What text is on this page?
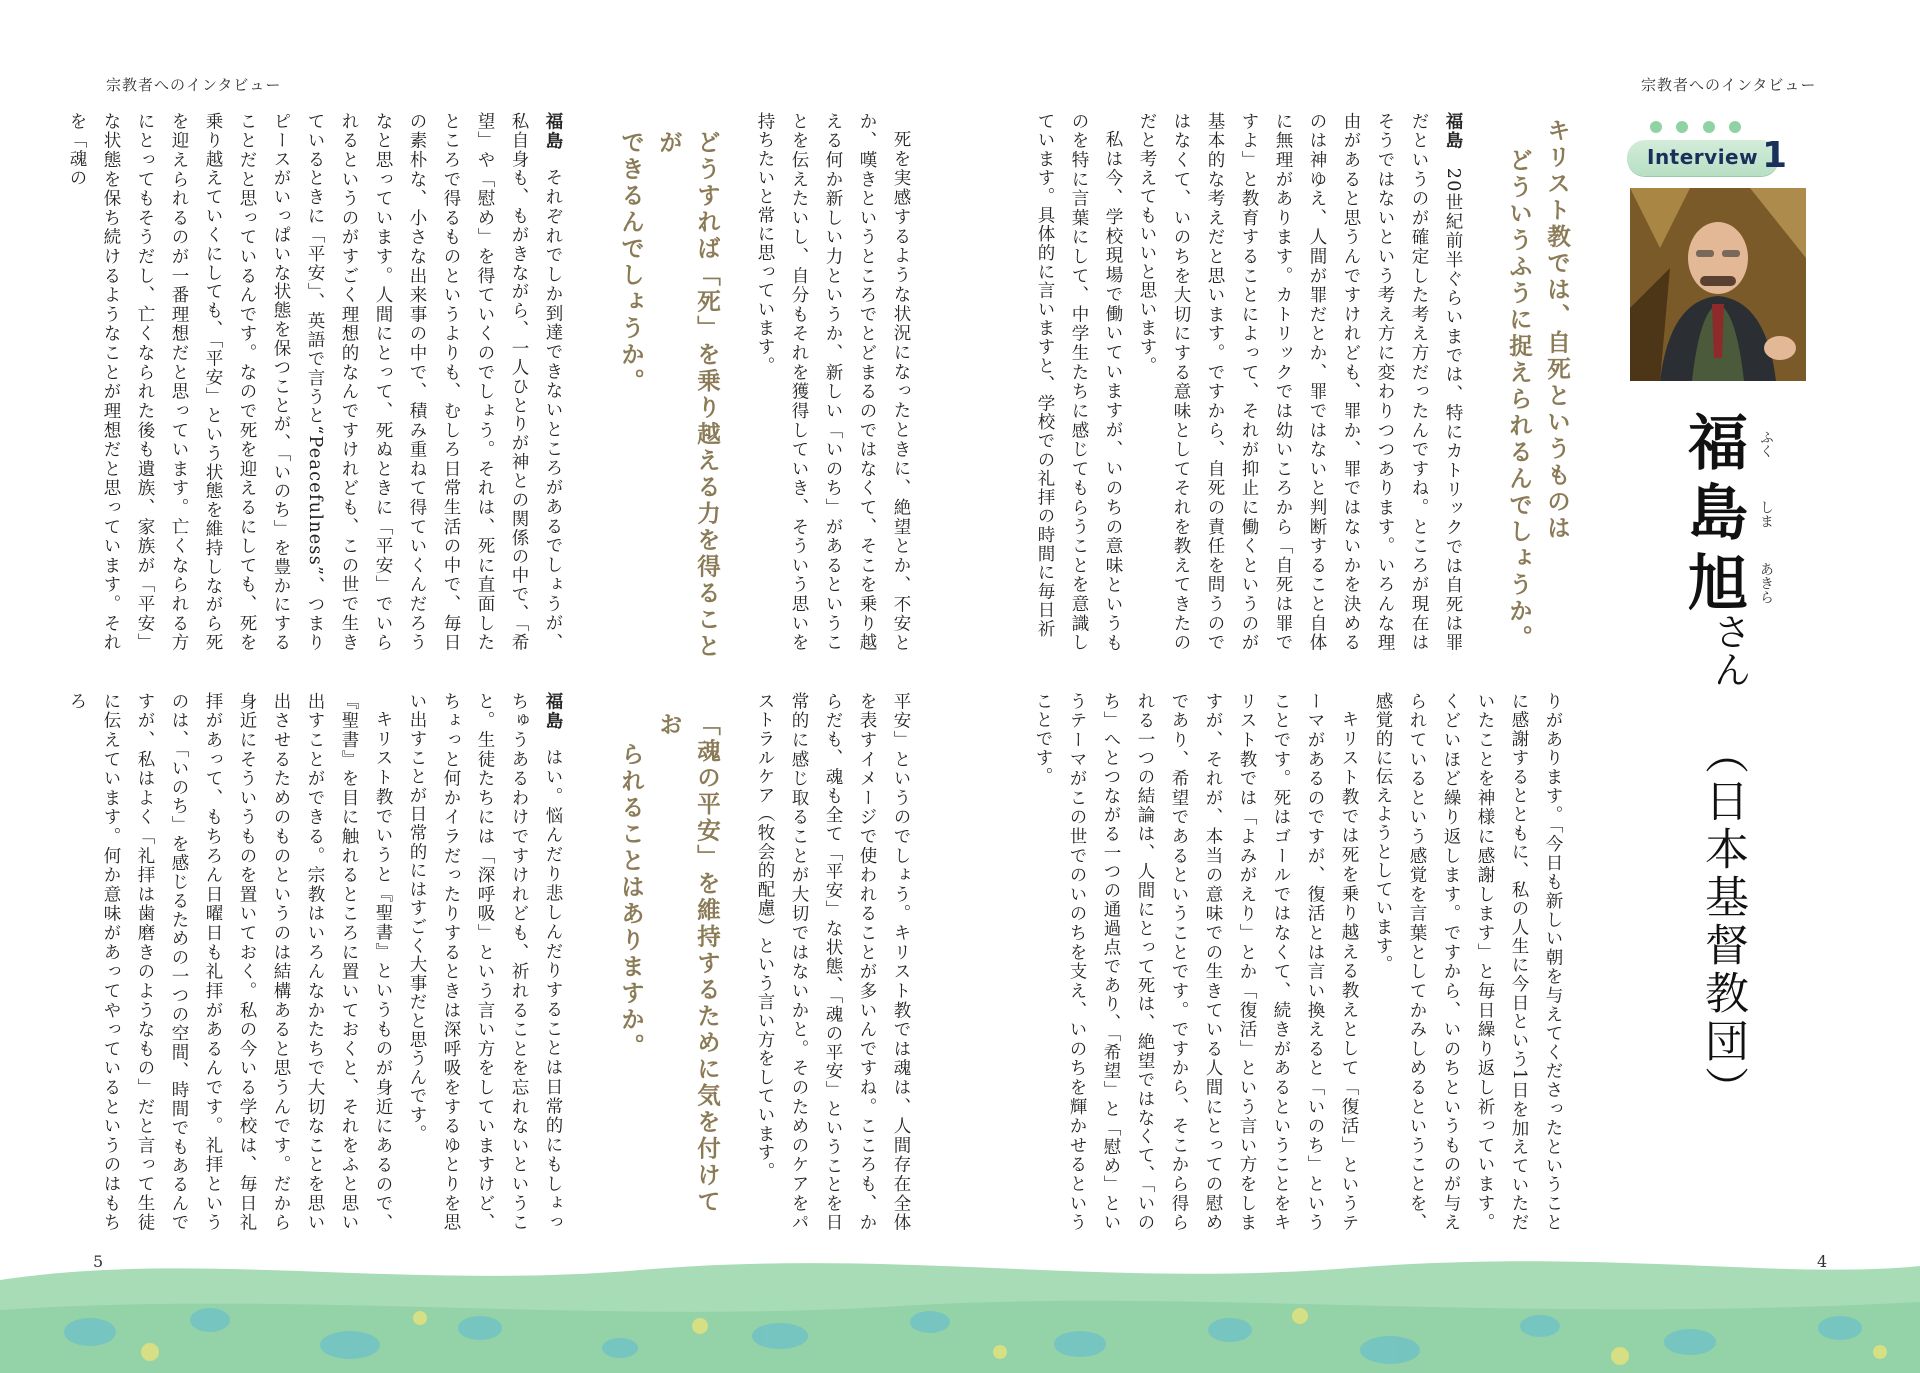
宗教者へのインタビュー	宗教者へのインタビュー
5	4
Interview 1
福
島
旭
ふく
しま
あきら
さん
（日本基督教団）

キリスト教では、自死というものは

どういうふうに捉えられるんでしょうか。

福島20世紀前半ぐらいまでは、特にカトリックでは自死は罪だというのが確定した考え方だったんですね。ところが現在はそうではないという考え方に変わりつつあります。いろんな理由があると思うんですけれども、罪か、罪ではないかを決めるのは神ゆえ、人間が罪だとか、罪ではないと判断すること自体に無理があります。カトリックでは幼いころから「自死は罪ですよ」と教育することによって、それが抑止に働くというのが基本的な考えだと思います。ですから、自死の責任を問うのではなくて、いのちを大切にする意味としてそれを教えてきたのだと考えてもいいと思います。

私は今、学校現場で働いていますが、いのちの意味というものを特に言葉にして、中学生たちに感じてもらうことを意識しています。具体的に言いますと、学校での礼拝の時間に毎日祈

りがあります。「今日も新しい朝を与えてくださったということに感謝するとともに、私の人生に今日という1日を加えていただいたことを神様に感謝します」と毎日繰り返し祈っています。くどいほど繰り返します。ですから、いのちというものが与えられているという感覚を言葉としてかみしめるということを、感覚的に伝えようとしています。

キリスト教では死を乗り越える教えとして「復活」というテーマがあるのですが、復活とは言い換えると「いのち」ということです。死はゴールではなくて、続きがあるということをキリスト教では「よみがえり」とか「復活」という言い方をしますが、それが、本当の意味での生きている人間にとっての慰めであり、希望であるということです。ですから、そこから得られる一つの結論は、人間にとって死は、絶望ではなくて、「いのち」へとつながる一つの通過点であり、「希望」と「慰め」というテーマがこの世でのいのちを支え、いのちを輝かせるということです。

死を実感するような状況になったときに、絶望とか、不安とか、嘆きというところでとどまるのではなくて、そこを乗り越える何か新しい力というか、新しい「いのち」があるということを伝えたいし、自分もそれを獲得していき、そういう思いを持ちたいと常に思っています。

どうすれば「死」を乗り越える力を得ることが

できるんでしょうか。

福島それぞれでしか到達できないところがあるでしょうが、私自身も、もがきながら、一人ひとりが神との関係の中で、「希望」や「慰め」を得ていくのでしょう。それは、死に直面したところで得るものというよりも、むしろ日常生活の中で、毎日の素朴な、小さな出来事の中で、積み重ねて得ていくんだろうなと思っています。人間にとって、死ぬときに「平安」でいられるというのがすごく理想的なんですけれども、この世で生きているときに「平安」、英語で言うと“Peacefulness”、つまりピースがいっぱいな状態を保つことが、「いのち」を豊かにすることだと思っているんです。なので死を迎えるにしても、死を乗り越えていくにしても、「平安」という状態を維持しながら死を迎えられるのが一番理想だと思っています。亡くなられる方にとってもそうだし、亡くなられた後も遺族、家族が「平安」な状態を保ち続けるようなことが理想だと思っています。それを「魂の

平安」というのでしょう。キリスト教では魂は、人間存在全体を表すイメージで使われることが多いんですね。こころも、からだも、魂も全て「平安」な状態、「魂の平安」ということを日常的に感じ取ることが大切ではないかと。そのためのケアをパストラルケア（牧会的配慮）という言い方をしています。

「魂の平安」を維持するために気を付けてお

られることはありますか。

福島はい。悩んだり悲しんだりすることは日常的にもしょっちゅうあるわけですけれども、祈れることを忘れないということ。生徒たちには「深呼吸」という言い方をしていますけど、ちょっと何かイラだったりするときは深呼吸をするゆとりを思い出すことが日常的にはすごく大事だと思うんです。

キリスト教でいうと『聖書』というものが身近にあるので、『聖書』を目に触れるところに置いておくと、それをふと思い出すことができる。宗教はいろんなかたちで大切なことを思い出させるためのものというのは結構あると思うんです。だから身近にそういうものを置いておく。私の今いる学校は、毎日礼拝があって、もちろん日曜日も礼拝があるんです。礼拝というのは、「いのち」を感じるための一つの空間、時間でもあるんですが、私はよく「礼拝は歯磨きのようなもの」だと言って生徒に伝えています。何か意味があってやっているというのはもちろ
